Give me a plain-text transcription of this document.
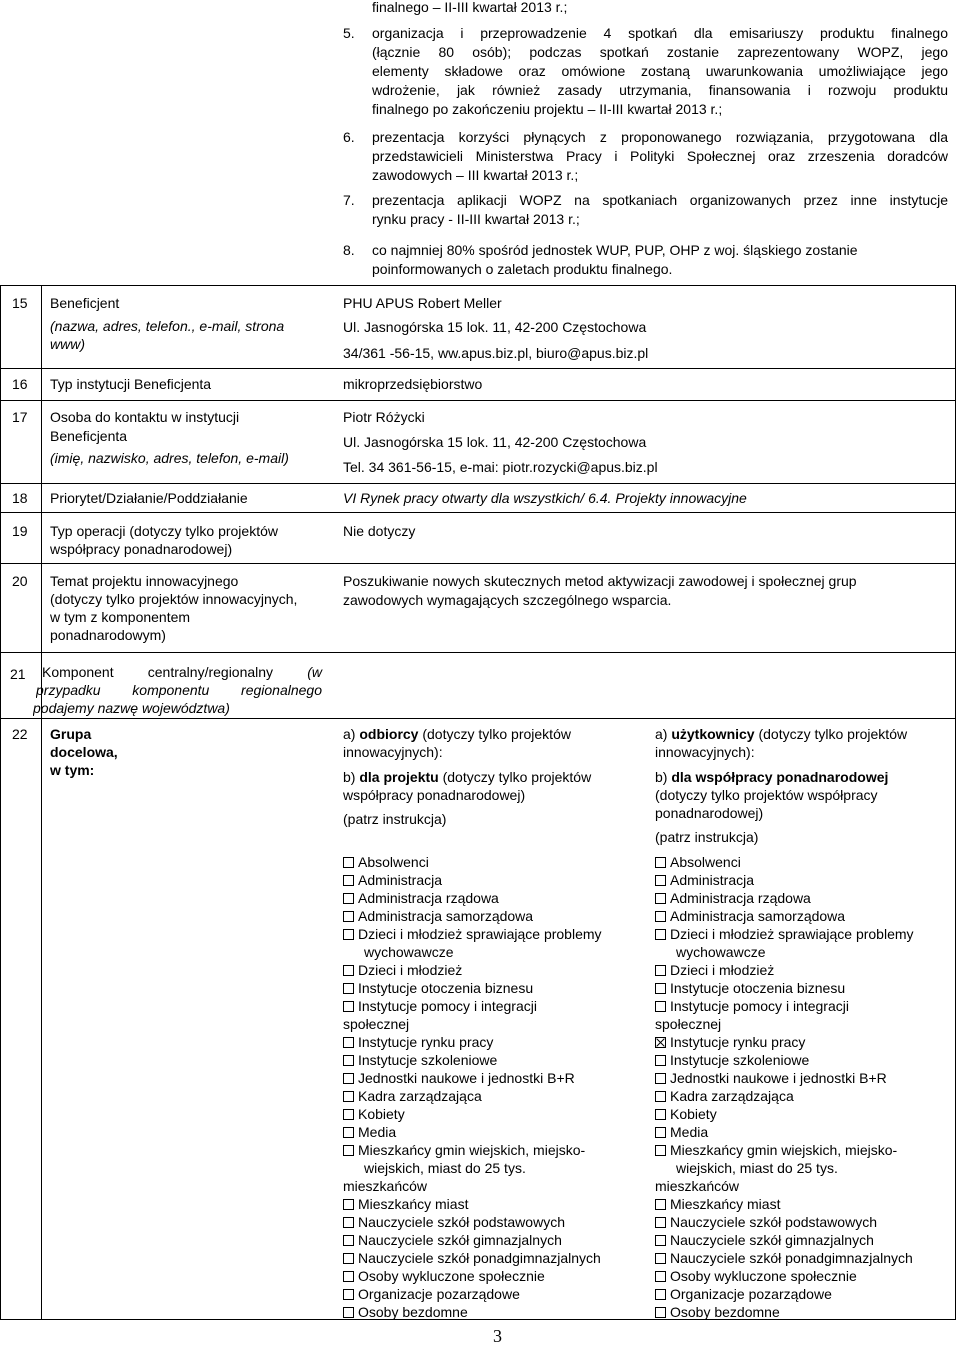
finalnego – II-III kwartał 2013 r.;
5. organizacja i przeprowadzenie 4 spotkań dla emisariuszy produktu finalnego
(łącznie 80 osób); podczas spotkań zostanie zaprezentowany WOPZ, jego
elementy składowe oraz omówione zostaną uwarunkowania umożliwiające jego
wdrożenie, jak również zasady utrzymania, finansowania i rozwoju produktu
finalnego po zakończeniu projektu – II-III kwartał 2013 r.;
6. prezentacja korzyści płynących z proponowanego rozwiązania, przygotowana dla
przedstawicieli Ministerstwa Pracy i Polityki Społecznej oraz zrzeszenia doradców
zawodowych – III kwartał 2013 r.;
7. prezentacja aplikacji WOPZ na spotkaniach organizowanych przez inne instytucje
rynku pracy - II-III kwartał 2013 r.;
8. co najmniej 80% spośród jednostek WUP, PUP, OHP z woj. śląskiego zostanie
poinformowanych o zaletach produktu finalnego.
15 Beneficjent
(nazwa, adres, telefon., e-mail, strona
www)
PHU APUS Robert Meller
Ul. Jasnogórska 15 lok. 11, 42-200 Częstochowa
34/361 -56-15, ww.apus.biz.pl, biuro@apus.biz.pl
16 Typ instytucji Beneficjenta	mikroprzedsiębiorstwo
17 Osoba do kontaktu w instytucji
Beneficjenta
(imię, nazwisko, adres, telefon, e-mail)
Piotr Różycki
Ul. Jasnogórska 15 lok. 11, 42-200 Częstochowa
Tel. 34 361-56-15, e-mai: piotr.rozycki@apus.biz.pl
18 Priorytet/Działanie/Poddziałanie	VI Rynek pracy otwarty dla wszystkich/ 6.4. Projekty innowacyjne
19 Typ operacji (dotyczy tylko projektów
współpracy ponadnarodowej)
Nie dotyczy
20 Temat projektu innowacyjnego
(dotyczy tylko projektów innowacyjnych,
w tym z komponentem
ponadnarodowym)
Poszukiwanie nowych skutecznych metod aktywizacji zawodowej i społecznej grup
zawodowych wymagających szczególnego wsparcia.
21 Komponent centralny/regionalny (w
przypadku komponentu regionalnego
podajemy nazwę województwa)
22 Grupa
docelowa,
w tym:
a) odbiorcy (dotyczy tylko projektów
innowacyjnych):
b) dla projektu (dotyczy tylko projektów
współpracy ponadnarodowej)
(patrz instrukcja)
a) użytkownicy (dotyczy tylko projektów
innowacyjnych):
b) dla współpracy ponadnarodowej
(dotyczy tylko projektów współpracy
ponadnarodowej)
(patrz instrukcja)
Absolwenci
Administracja
Administracja rządowa
Administracja samorządowa
Dzieci i młodzież sprawiające problemy
wychowawcze
Dzieci i młodzież
Instytucje otoczenia biznesu
Instytucje pomocy i integracji
społecznej
Instytucje rynku pracy
Instytucje szkoleniowe
Jednostki naukowe i jednostki B+R
Kadra zarządzająca
Kobiety
Media
Mieszkańcy gmin wiejskich, miejsko-
wiejskich, miast do 25 tys.
mieszkańców
Mieszkańcy miast
Nauczyciele szkół podstawowych
Nauczyciele szkół gimnazjalnych
Nauczyciele szkół ponadgimnazjalnych
Osoby wykluczone społecznie
Organizacje pozarządowe
Osoby bezdomne
Absolwenci
Administracja
Administracja rządowa
Administracja samorządowa
Dzieci i młodzież sprawiające problemy
wychowawcze
Dzieci i młodzież
Instytucje otoczenia biznesu
Instytucje pomocy i integracji
społecznej
Instytucje rynku pracy
Instytucje szkoleniowe
Jednostki naukowe i jednostki B+R
Kadra zarządzająca
Kobiety
Media
Mieszkańcy gmin wiejskich, miejsko-
wiejskich, miast do 25 tys.
mieszkańców
Mieszkańcy miast
Nauczyciele szkół podstawowych
Nauczyciele szkół gimnazjalnych
Nauczyciele szkół ponadgimnazjalnych
Osoby wykluczone społecznie
Organizacje pozarządowe
Osoby bezdomne
3
